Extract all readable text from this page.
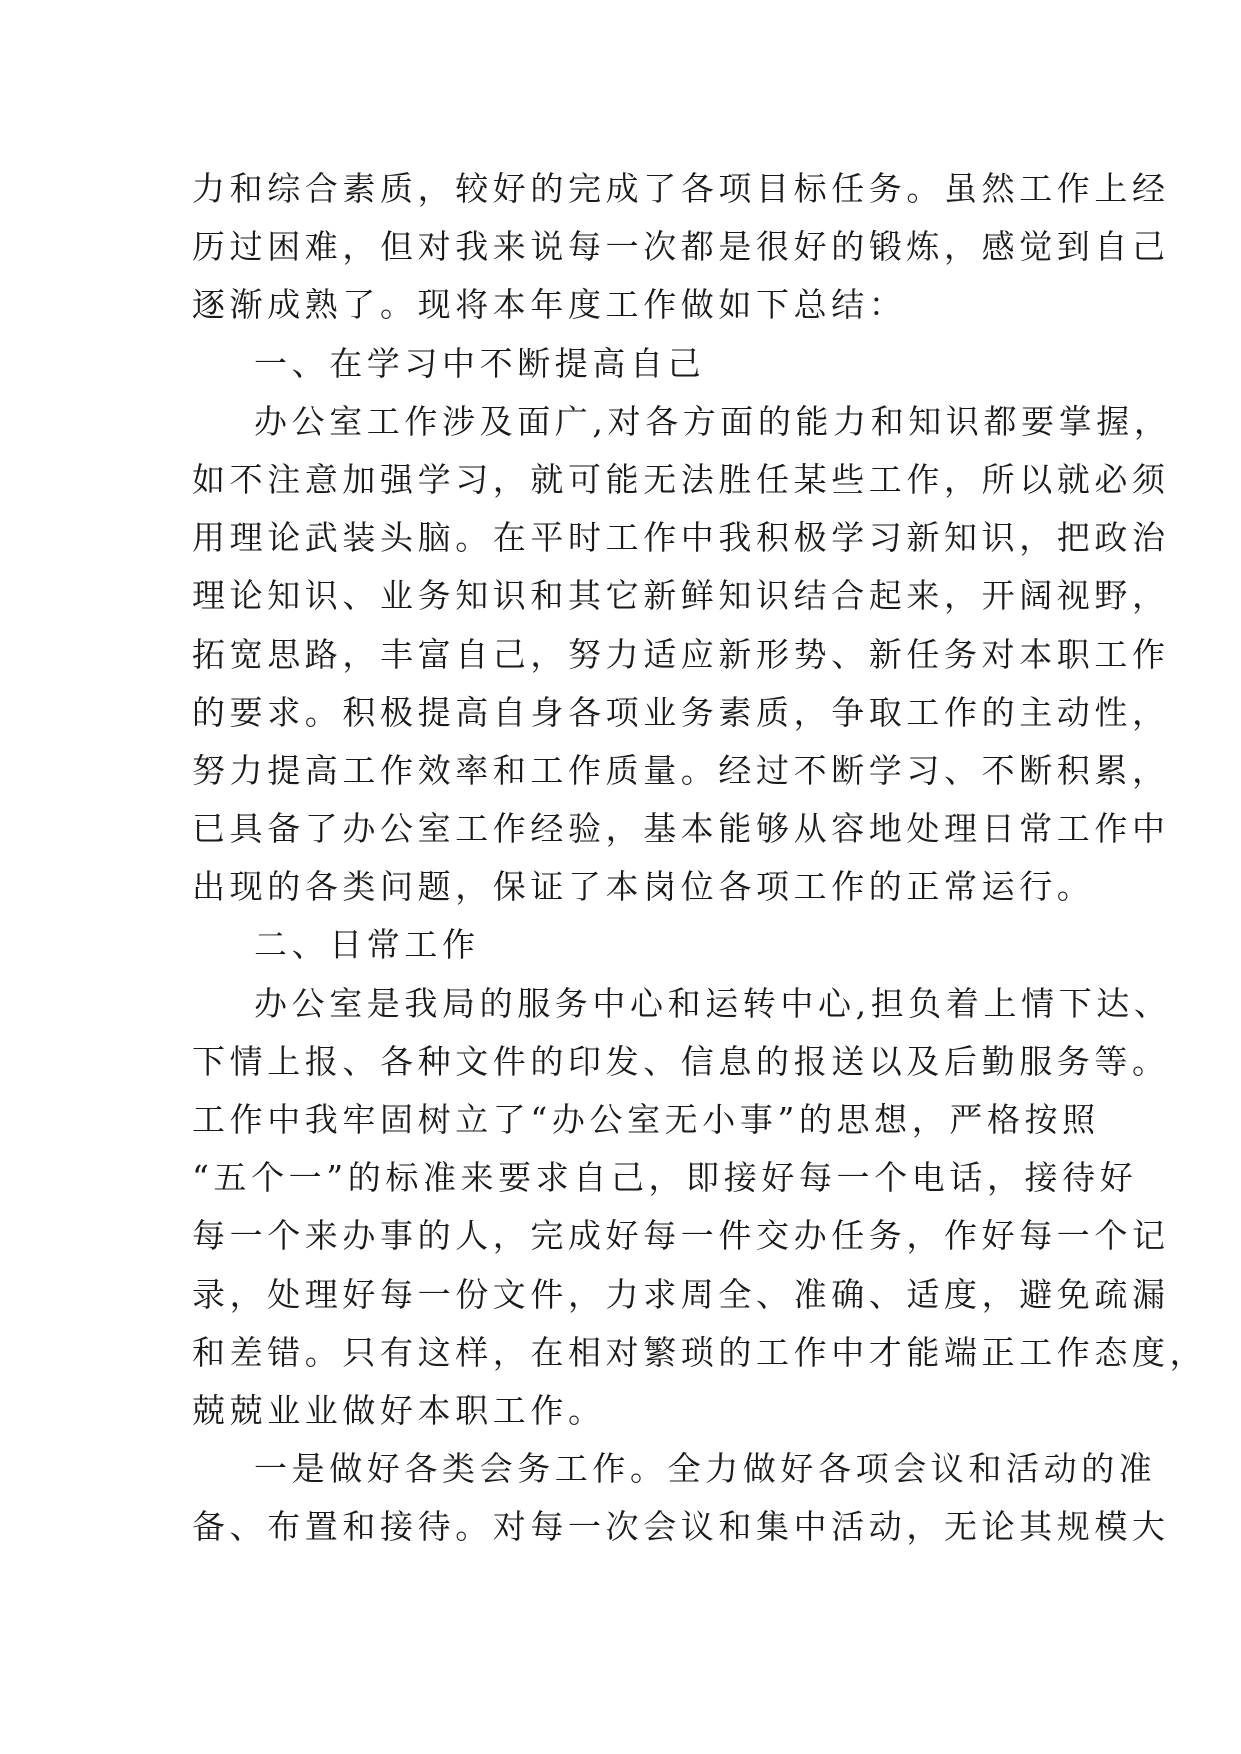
力和综合素质，较好的完成了各项目标任务。虽然工作上经
历过困难，但对我来说每一次都是很好的锻炼，感觉到自己
逐渐成熟了。现将本年度工作做如下总结：
一、在学习中不断提高自己
办公室工作涉及面广,对各方面的能力和知识都要掌握，
如不注意加强学习，就可能无法胜任某些工作，所以就必须
用理论武装头脑。在平时工作中我积极学习新知识，把政治
理论知识、业务知识和其它新鲜知识结合起来，开阔视野，
拓宽思路，丰富自己，努力适应新形势、新任务对本职工作
的要求。积极提高自身各项业务素质，争取工作的主动性，
努力提高工作效率和工作质量。经过不断学习、不断积累，
已具备了办公室工作经验，基本能够从容地处理日常工作中
出现的各类问题，保证了本岗位各项工作的正常运行。
二、日常工作
办公室是我局的服务中心和运转中心,担负着上情下达、
下情上报、各种文件的印发、信息的报送以及后勤服务等。
工作中我牢固树立了“办公室无小事”的思想，严格按照
“五个一”的标准来要求自己，即接好每一个电话，接待好
每一个来办事的人，完成好每一件交办任务，作好每一个记
录，处理好每一份文件，力求周全、准确、适度，避免疏漏
和差错。只有这样，在相对繁琐的工作中才能端正工作态度，
兢兢业业做好本职工作。
一是做好各类会务工作。全力做好各项会议和活动的准
备、布置和接待。对每一次会议和集中活动，无论其规模大
